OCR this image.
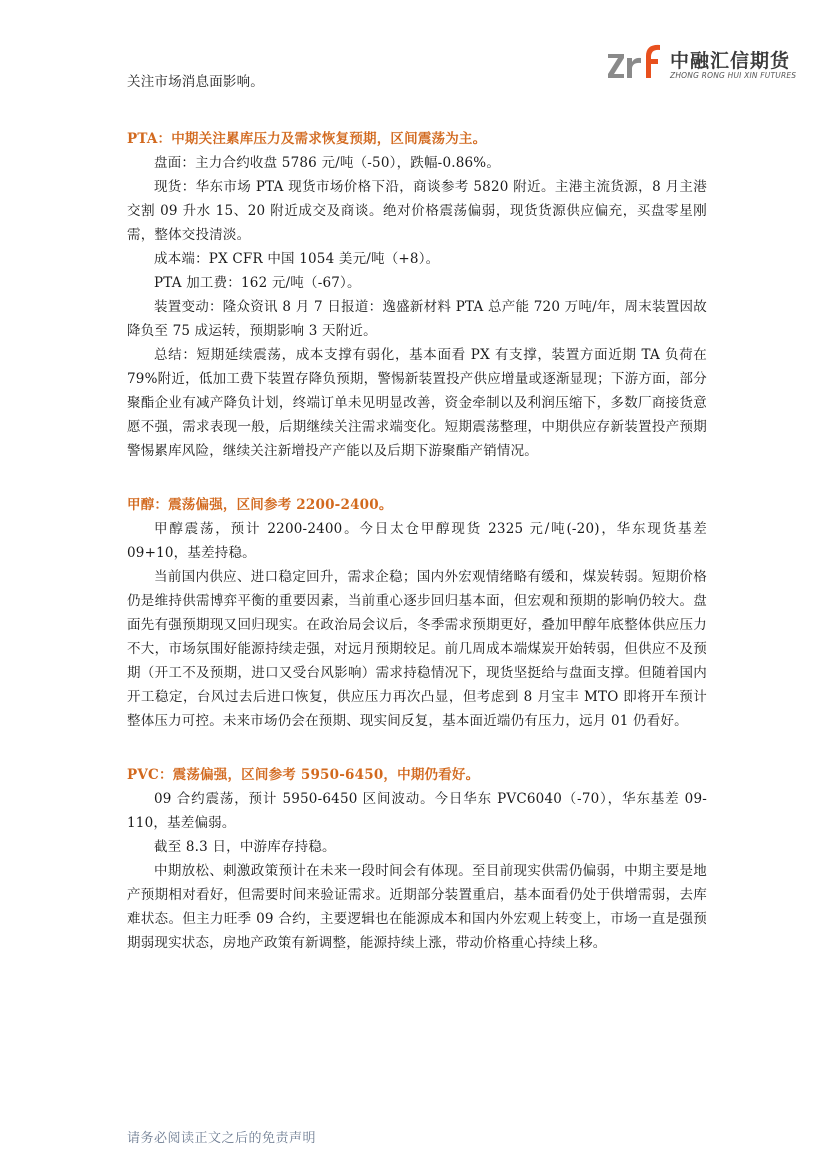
中融汇信期货
ZHONG RONG HUI XIN FUTURES

关注市场消息面影响。

PTA：中期关注累库压力及需求恢复预期，区间震荡为主。

盘面：主力合约收盘 5786 元/吨（-50），跌幅-0.86%。

现货：华东市场 PTA 现货市场价格下沿，商谈参考 5820 附近。主港主流货源，8 月主港交割 09 升水 15、20 附近成交及商谈。绝对价格震荡偏弱，现货货源供应偏充，买盘零星刚需，整体交投清淡。

成本端：PX CFR 中国 1054 美元/吨（+8）。

PTA 加工费：162 元/吨（-67）。

装置变动：隆众资讯 8 月 7 日报道：逸盛新材料 PTA 总产能 720 万吨/年，周末装置因故降负至 75 成运转，预期影响 3 天附近。

总结：短期延续震荡，成本支撑有弱化，基本面看 PX 有支撑，装置方面近期 TA 负荷在 79%附近，低加工费下装置存降负预期，警惕新装置投产供应增量或逐渐显现；下游方面，部分聚酯企业有减产降负计划，终端订单未见明显改善，资金牵制以及利润压缩下，多数厂商接货意愿不强，需求表现一般，后期继续关注需求端变化。短期震荡整理，中期供应存新装置投产预期警惕累库风险，继续关注新增投产产能以及后期下游聚酯产销情况。

甲醇：震荡偏强，区间参考 2200-2400。

甲醇震荡，预计 2200-2400。今日太仓甲醇现货 2325 元/吨(-20)，华东现货基差 09+10，基差持稳。

当前国内供应、进口稳定回升，需求企稳；国内外宏观情绪略有缓和，煤炭转弱。短期价格仍是维持供需博弈平衡的重要因素，当前重心逐步回归基本面，但宏观和预期的影响仍较大。盘面先有强预期现又回归现实。在政治局会议后，冬季需求预期更好，叠加甲醇年底整体供应压力不大，市场氛围好能源持续走强，对远月预期较足。前几周成本端煤炭开始转弱，但供应不及预期（开工不及预期，进口又受台风影响）需求持稳情况下，现货坚挺给与盘面支撑。但随着国内开工稳定，台风过去后进口恢复，供应压力再次凸显，但考虑到 8 月宝丰 MTO 即将开车预计整体压力可控。未来市场仍会在预期、现实间反复，基本面近端仍有压力，远月 01 仍看好。

PVC：震荡偏强，区间参考 5950-6450，中期仍看好。

09 合约震荡，预计 5950-6450 区间波动。今日华东 PVC6040（-70），华东基差 09-110，基差偏弱。

截至 8.3 日，中游库存持稳。

中期放松、刺激政策预计在未来一段时间会有体现。至目前现实供需仍偏弱，中期主要是地产预期相对看好，但需要时间来验证需求。近期部分装置重启，基本面看仍处于供增需弱，去库难状态。但主力旺季 09 合约，主要逻辑也在能源成本和国内外宏观上转变上，市场一直是强预期弱现实状态，房地产政策有新调整，能源持续上涨，带动价格重心持续上移。

请务必阅读正文之后的免责声明
